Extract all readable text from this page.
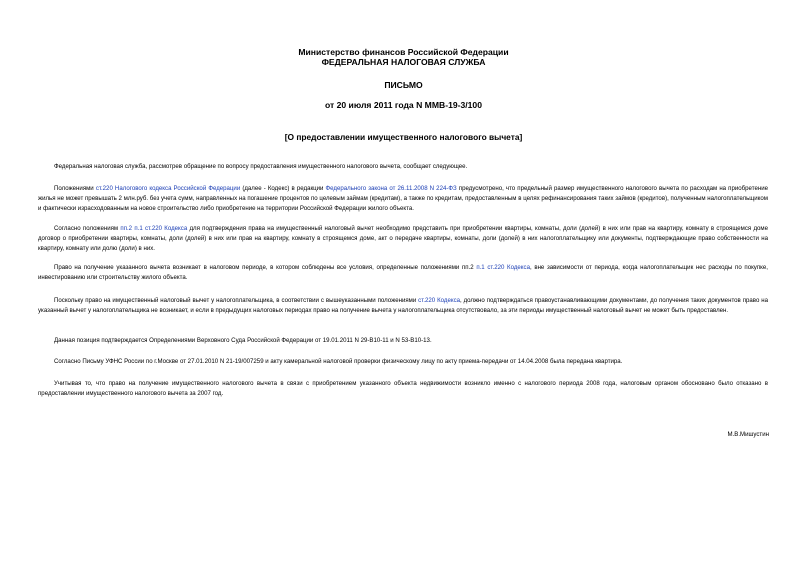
Министерство финансов Российской Федерации
ФЕДЕРАЛЬНАЯ НАЛОГОВАЯ СЛУЖБА
ПИСЬМО
от 20 июля 2011 года N ММВ-19-3/100
[О предоставлении имущественного налогового вычета]

Федеральная налоговая служба, рассмотрев обращение по вопросу предоставления имущественного налогового вычета, сообщает следующее.

Положениями ст.220 Налогового кодекса Российской Федерации (далее - Кодекс) в редакции Федерального закона от 26.11.2008 N 224-ФЗ предусмотрено, что предельный размер имущественного налогового вычета по расходам на приобретение жилья не может превышать 2 млн.руб. без учета сумм, направленных на погашение процентов по целевым займам (кредитам), а также по кредитам, предоставленным в целях рефинансирования таких займов (кредитов), полученным налогоплательщиком и фактически израсходованным на новое строительство либо приобретение на территории Российской Федерации жилого объекта.

Согласно положениям пп.2 п.1 ст.220 Кодекса для подтверждения права на имущественный налоговый вычет необходимо представить при приобретении квартиры, комнаты, доли (долей) в них или прав на квартиру, комнату в строящемся доме договор о приобретении квартиры, комнаты, доли (долей) в них или прав на квартиру, комнату в строящемся доме, акт о передаче квартиры, комнаты, доли (долей) в них налогоплательщику или документы, подтверждающие право собственности на квартиру, комнату или долю (доли) в них.

Право на получение указанного вычета возникает в налоговом периоде, в котором соблюдены все условия, определенные положениями пп.2 п.1 ст.220 Кодекса, вне зависимости от периода, когда налогоплательщик нес расходы по покупке, инвестированию или строительству жилого объекта.

Поскольку право на имущественный налоговый вычет у налогоплательщика, в соответствии с вышеуказанными положениями ст.220 Кодекса, должно подтверждаться правоустанавливающими документами, до получения таких документов право на указанный вычет у налогоплательщика не возникает, и если в предыдущих налоговых периодах право на получение вычета у налогоплательщика отсутствовало, за эти периоды имущественный налоговый вычет не может быть предоставлен.

Данная позиция подтверждается Определениями Верховного Суда Российской Федерации от 19.01.2011 N 29-В10-11 и N 53-В10-13.

Согласно Письму УФНС России по г.Москве от 27.01.2010 N 21-19/007259 и акту камеральной налоговой проверки физическому лицу по акту приема-передачи от 14.04.2008 была передана квартира.

Учитывая то, что право на получение имущественного налогового вычета в связи с приобретением указанного объекта недвижимости возникло именно с налогового периода 2008 года, налоговым органом обосновано было отказано в предоставлении имущественного налогового вычета за 2007 год.

М.В.Мишустин
